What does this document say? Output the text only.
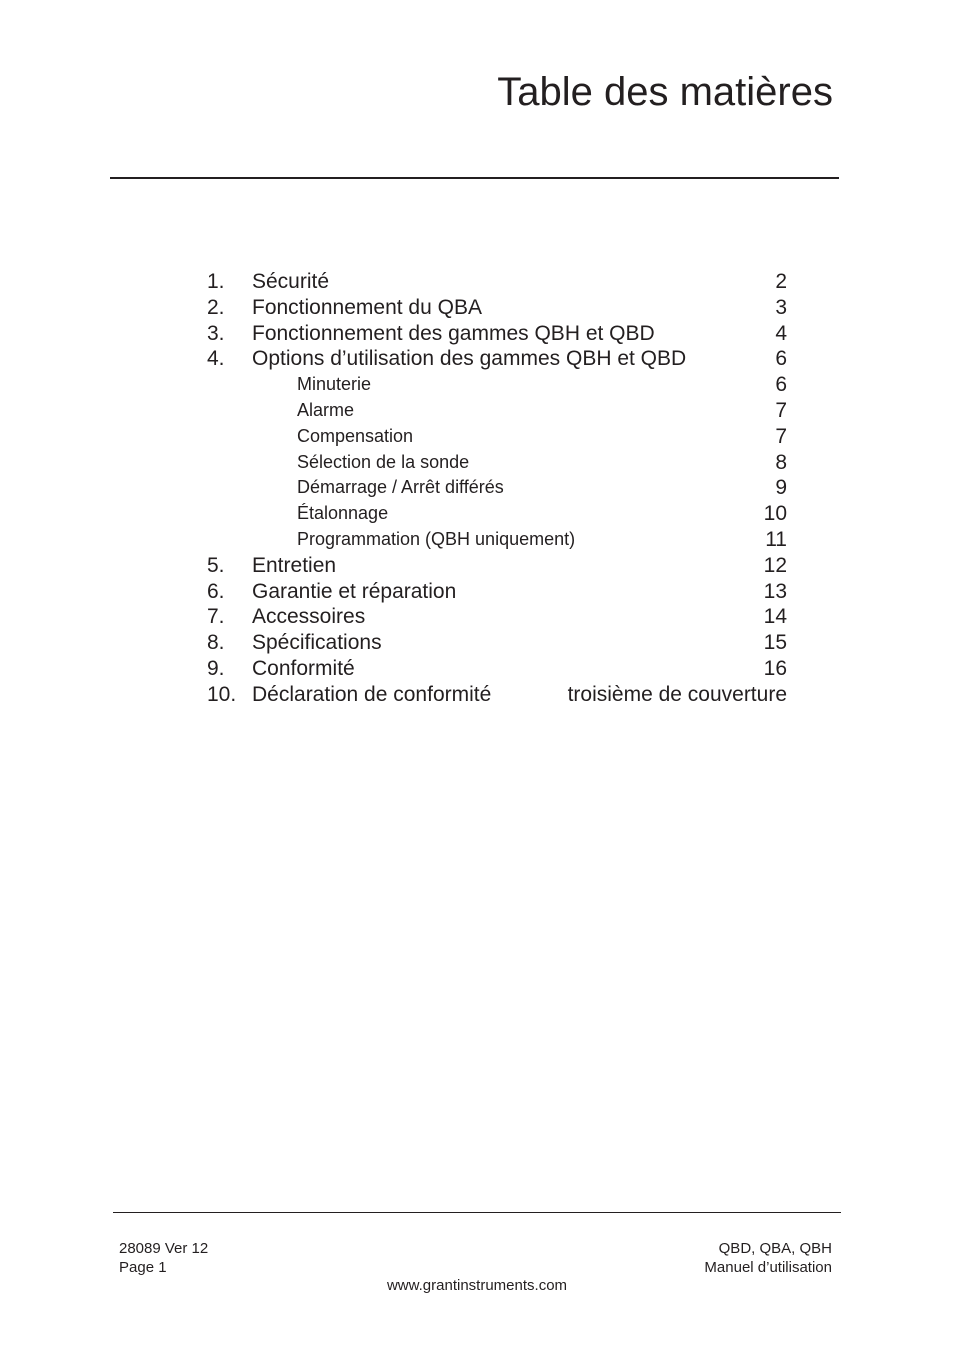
Table des matières
1. Sécurité	2
2. Fonctionnement du QBA	3
3. Fonctionnement des gammes QBH et QBD	4
4. Options d’utilisation des gammes QBH et QBD	6
Minuterie	6
Alarme	7
Compensation	7
Sélection de la sonde	8
Démarrage / Arrêt différés	9
Étalonnage	10
Programmation (QBH uniquement)	11
5. Entretien	12
6. Garantie et réparation	13
7. Accessoires	14
8. Spécifications	15
9. Conformité	16
10. Déclaration de conformité	troisième de couverture
28089 Ver 12
Page 1
QBD, QBA, QBH
Manuel d’utilisation
www.grantinstruments.com
